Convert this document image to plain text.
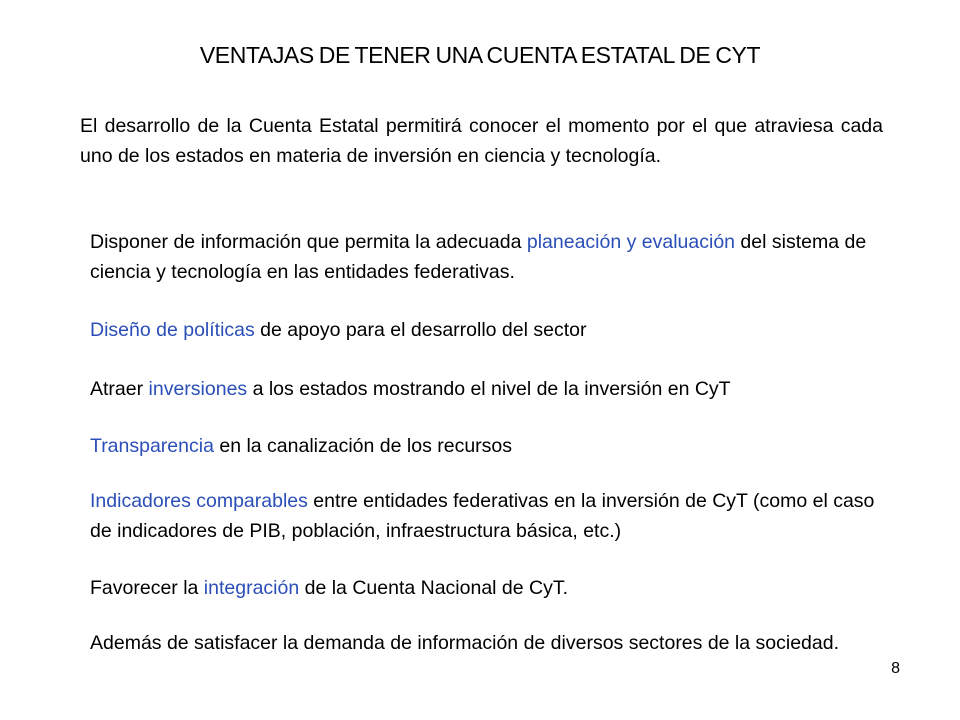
VENTAJAS DE TENER UNA CUENTA ESTATAL DE CYT
El desarrollo de la Cuenta Estatal permitirá conocer el momento por el que atraviesa cada uno de los estados en materia de inversión en ciencia y tecnología.
Disponer de información que permita la adecuada planeación y evaluación del sistema de ciencia y tecnología en las entidades federativas.
Diseño de políticas de apoyo para el desarrollo del sector
Atraer inversiones a los estados mostrando el nivel de la inversión en CyT
Transparencia en la canalización de los recursos
Indicadores comparables entre entidades federativas en la inversión de CyT (como el caso de indicadores de PIB, población, infraestructura básica, etc.)
Favorecer la integración de la Cuenta Nacional de CyT.
Además de satisfacer la demanda de información de diversos sectores de la sociedad.
8
